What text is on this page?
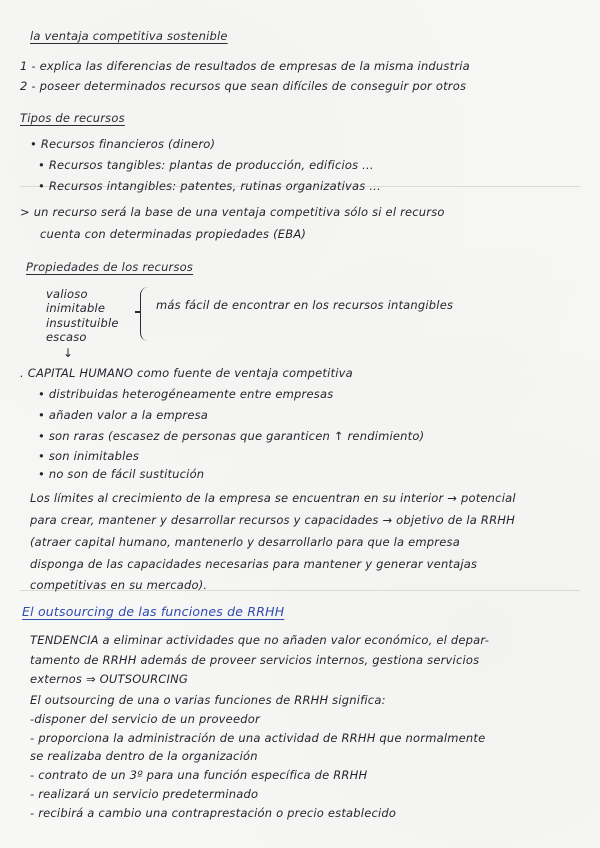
la ventaja competitiva sostenible
1 - explica las diferencias de resultados de empresas de la misma industria
2 - poseer determinados recursos que sean difíciles de conseguir por otros
Tipos de recursos
• Recursos financieros (dinero)
• Recursos tangibles: plantas de producción, edificios ...
• Recursos intangibles: patentes, rutinas organizativas ...
> un recurso será la base de una ventaja competitiva sólo si el recurso
cuenta con determinadas propiedades (EBA)
Propiedades de los recursos
valioso
inimitable
insustituible
escaso
más fácil de encontrar en los recursos intangibles
↓
. CAPITAL HUMANO como fuente de ventaja competitiva
• distribuidas heterogéneamente entre empresas
• añaden valor a la empresa
• son raras (escasez de personas que garanticen ↑ rendimiento)
• son inimitables
• no son de fácil sustitución
Los límites al crecimiento de la empresa se encuentran en su interior → potencial
para crear, mantener y desarrollar recursos y capacidades → objetivo de la RRHH
(atraer capital humano, mantenerlo y desarrollarlo para que la empresa
disponga de las capacidades necesarias para mantener y generar ventajas
competitivas en su mercado).
El outsourcing de las funciones de RRHH
TENDENCIA a eliminar actividades que no añaden valor económico, el depar-
tamento de RRHH además de proveer servicios internos, gestiona servicios
externos ⇒ OUTSOURCING
El outsourcing de una o varias funciones de RRHH significa:
-disponer del servicio de un proveedor
- proporciona la administración de una actividad de RRHH que normalmente
se realizaba dentro de la organización
- contrato de un 3º para una función específica de RRHH
- realizará un servicio predeterminado
- recibirá a cambio una contraprestación o precio establecido
